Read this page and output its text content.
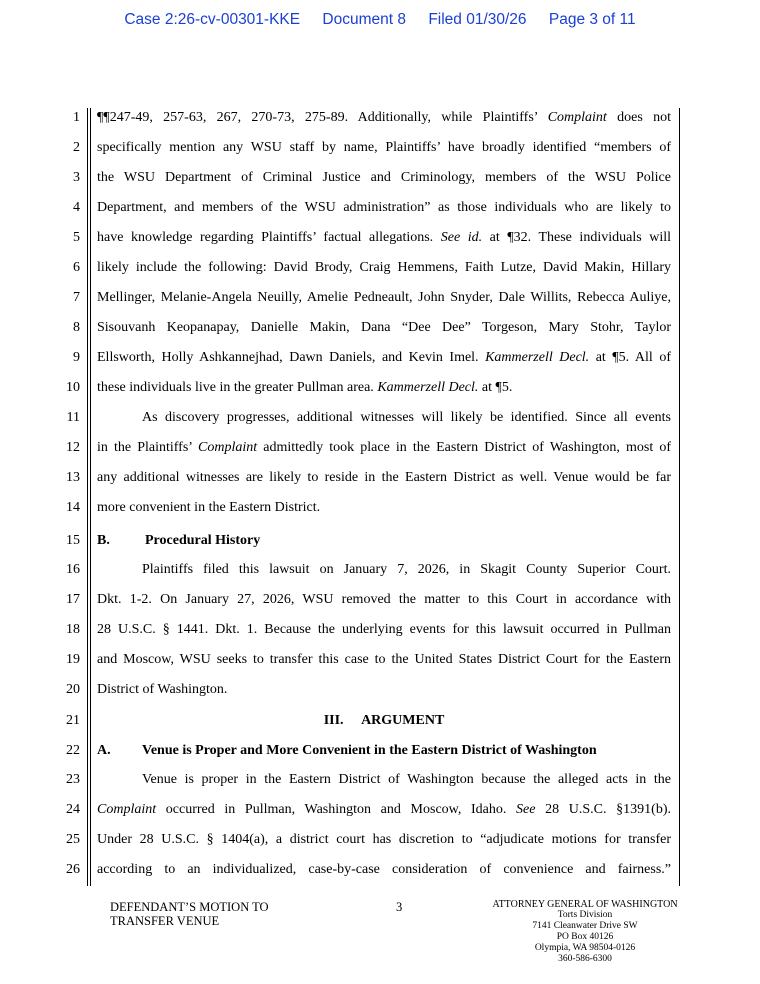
Case 2:26-cv-00301-KKE Document 8 Filed 01/30/26 Page 3 of 11
1
2
3
4
5
6
7
8
9
10
11
12
13
14
15
16
17
18
19
20
21
22
23
24
25
26
¶¶247-49, 257-63, 267, 270-73, 275-89. Additionally, while Plaintiffs’ Complaint does not
specifically mention any WSU staff by name, Plaintiffs’ have broadly identified “members of
the WSU Department of Criminal Justice and Criminology, members of the WSU Police
Department, and members of the WSU administration” as those individuals who are likely to
have knowledge regarding Plaintiffs’ factual allegations. See id. at ¶32. These individuals will
likely include the following: David Brody, Craig Hemmens, Faith Lutze, David Makin, Hillary
Mellinger, Melanie-Angela Neuilly, Amelie Pedneault, John Snyder, Dale Willits, Rebecca Auliye,
Sisouvanh Keopanapay, Danielle Makin, Dana “Dee Dee” Torgeson, Mary Stohr, Taylor
Ellsworth, Holly Ashkannejhad, Dawn Daniels, and Kevin Imel. Kammerzell Decl. at ¶5. All of
these individuals live in the greater Pullman area. Kammerzell Decl. at ¶5.
As discovery progresses, additional witnesses will likely be identified. Since all events
in the Plaintiffs’ Complaint admittedly took place in the Eastern District of Washington, most of
any additional witnesses are likely to reside in the Eastern District as well. Venue would be far
more convenient in the Eastern District.
B.	Procedural History
Plaintiffs filed this lawsuit on January 7, 2026, in Skagit County Superior Court.
Dkt. 1-2. On January 27, 2026, WSU removed the matter to this Court in accordance with
28 U.S.C. § 1441. Dkt. 1. Because the underlying events for this lawsuit occurred in Pullman
and Moscow, WSU seeks to transfer this case to the United States District Court for the Eastern
District of Washington.
III. ARGUMENT
A. Venue is Proper and More Convenient in the Eastern District of Washington
Venue is proper in the Eastern District of Washington because the alleged acts in the
Complaint occurred in Pullman, Washington and Moscow, Idaho. See 28 U.S.C. §1391(b).
Under 28 U.S.C. § 1404(a), a district court has discretion to “adjudicate motions for transfer
according to an individualized, case-by-case consideration of convenience and fairness.”
DEFENDANT’S MOTION TO
TRANSFER VENUE
3	ATTORNEY GENERAL OF WASHINGTON
Torts Division
7141 Cleanwater Drive SW
PO Box 40126
Olympia, WA 98504-0126
360-586-6300
